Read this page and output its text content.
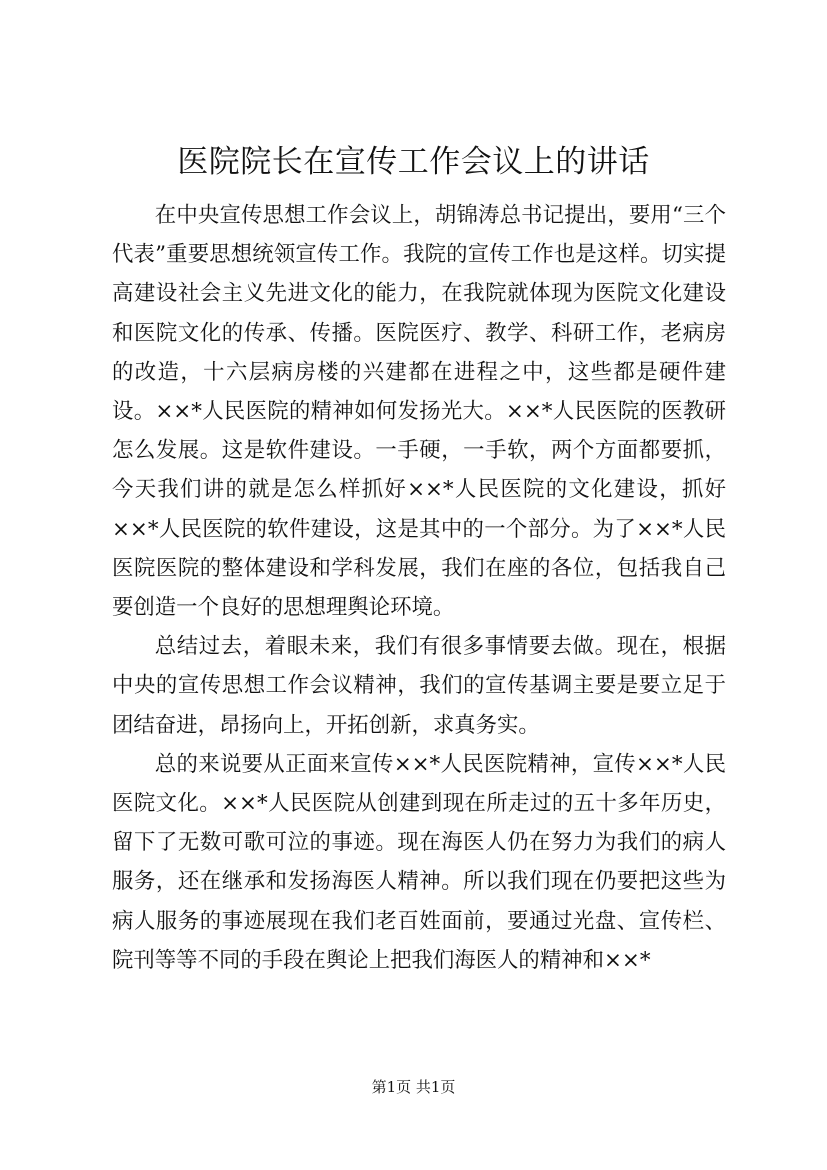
医院院长在宣传工作会议上的讲话

在中央宣传思想工作会议上，胡锦涛总书记提出，要用“三个代表”重要思想统领宣传工作。我院的宣传工作也是这样。切实提高建设社会主义先进文化的能力，在我院就体现为医院文化建设和医院文化的传承、传播。医院医疗、教学、科研工作，老病房的改造，十六层病房楼的兴建都在进程之中，这些都是硬件建设。××*人民医院的精神如何发扬光大。××*人民医院的医教研怎么发展。这是软件建设。一手硬，一手软，两个方面都要抓，今天我们讲的就是怎么样抓好××*人民医院的文化建设，抓好××*人民医院的软件建设，这是其中的一个部分。为了××*人民医院医院的整体建设和学科发展，我们在座的各位，包括我自己要创造一个良好的思想理舆论环境。

总结过去，着眼未来，我们有很多事情要去做。现在，根据中央的宣传思想工作会议精神，我们的宣传基调主要是要立足于团结奋进，昂扬向上，开拓创新，求真务实。

总的来说要从正面来宣传××*人民医院精神，宣传××*人民医院文化。××*人民医院从创建到现在所走过的五十多年历史，留下了无数可歌可泣的事迹。现在海医人仍在努力为我们的病人服务，还在继承和发扬海医人精神。所以我们现在仍要把这些为病人服务的事迹展现在我们老百姓面前，要通过光盘、宣传栏、院刊等等不同的手段在舆论上把我们海医人的精神和××*

第1页 共1页
